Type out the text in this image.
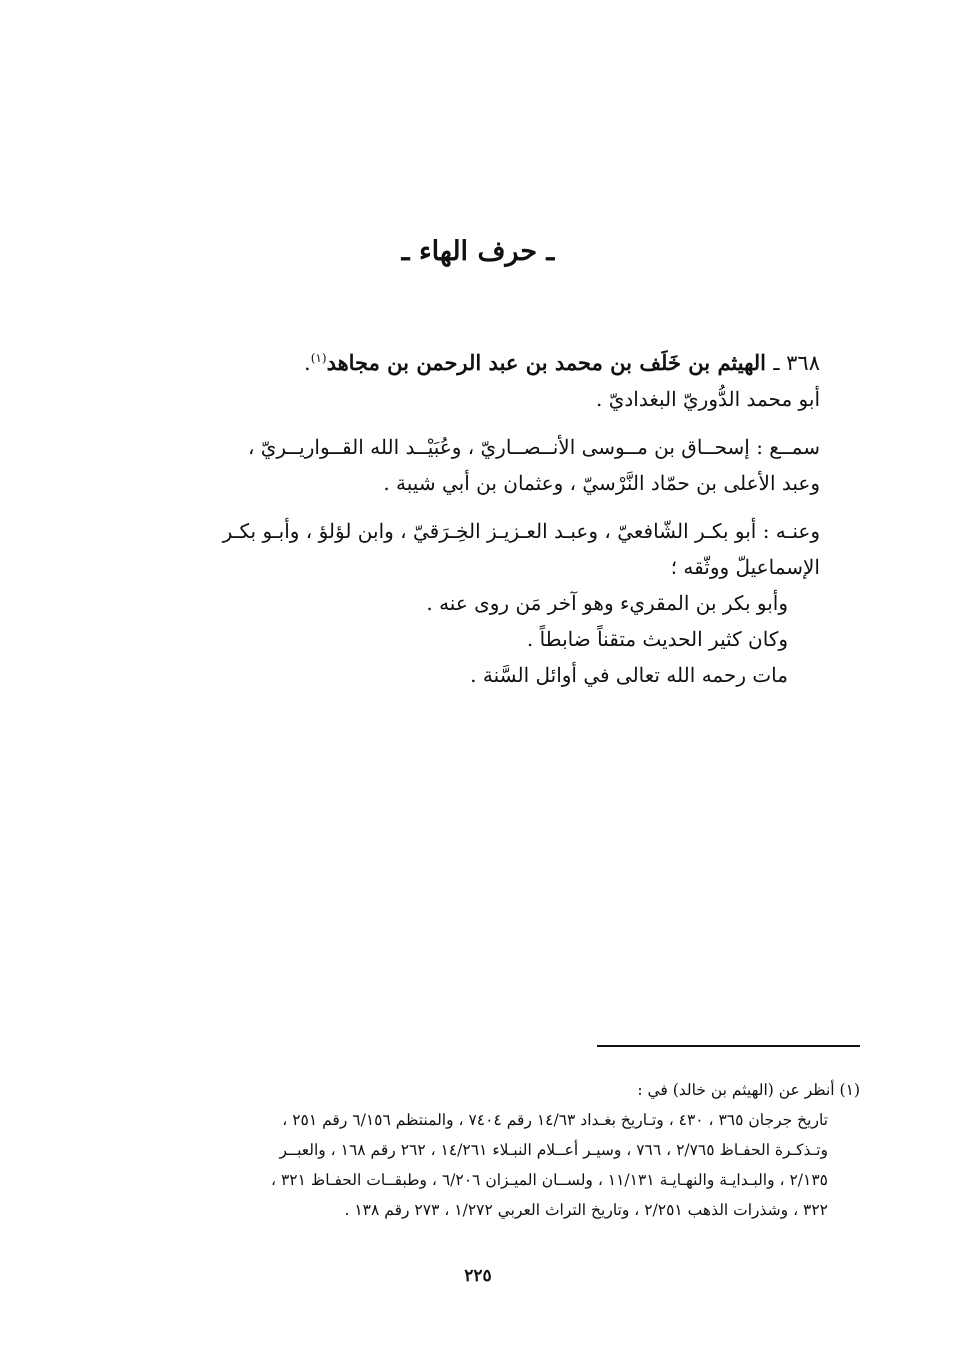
ـ حرف الهاء ـ

٣٦٨ ـ الهيثم بن خَلَف بن محمد بن عبد الرحمن بن مجاهد$^{(١)}$.

أبو محمد الدُّوريّ البغداديّ .

سمــع : إسحــاق بن مــوسى الأنــصــاريّ ، وعُبَيْــد الله القــواريــريّ ،

وعبد الأعلى بن حمّاد النَّرْسيّ ، وعثمان بن أبي شيبة .

وعنـه : أبو بكـر الشّافعيّ ، وعبـد العـزيـز الخِـرَقيّ ، وابن لؤلؤ ، وأبـو بكـر

الإسماعيلّ ووثّقه ؛

وأبو بكر بن المقريء وهو آخر مَن روى عنه .

وكان كثير الحديث متقناً ضابطاً .

مات رحمه الله تعالى في أوائل السَّنة .

(١) أنظر عن (الهيثم بن خالد) في :

تاريخ جرجان ٣٦٥ ، ٤٣٠ ، وتـاريخ بغـداد ١٤/٦٣ رقم ٧٤٠٤ ، والمنتظم ٦/١٥٦ رقم ٢٥١ ،

وتـذكـرة الحفـاظ ٢/٧٦٥ ، ٧٦٦ ، وسيـر أعــلام النبـلاء ١٤/٢٦١ ، ٢٦٢ رقم ١٦٨ ، والعبــر

٢/١٣٥ ، والبـدايـة والنهـايـة ١١/١٣١ ، ولســان الميـزان ٦/٢٠٦ ، وطبقــات الحفـاظ ٣٢١ ،

٣٢٢ ، وشذرات الذهب ٢/٢٥١ ، وتاريخ التراث العربي ١/٢٧٢ ، ٢٧٣ رقم ١٣٨ .

٢٢٥
